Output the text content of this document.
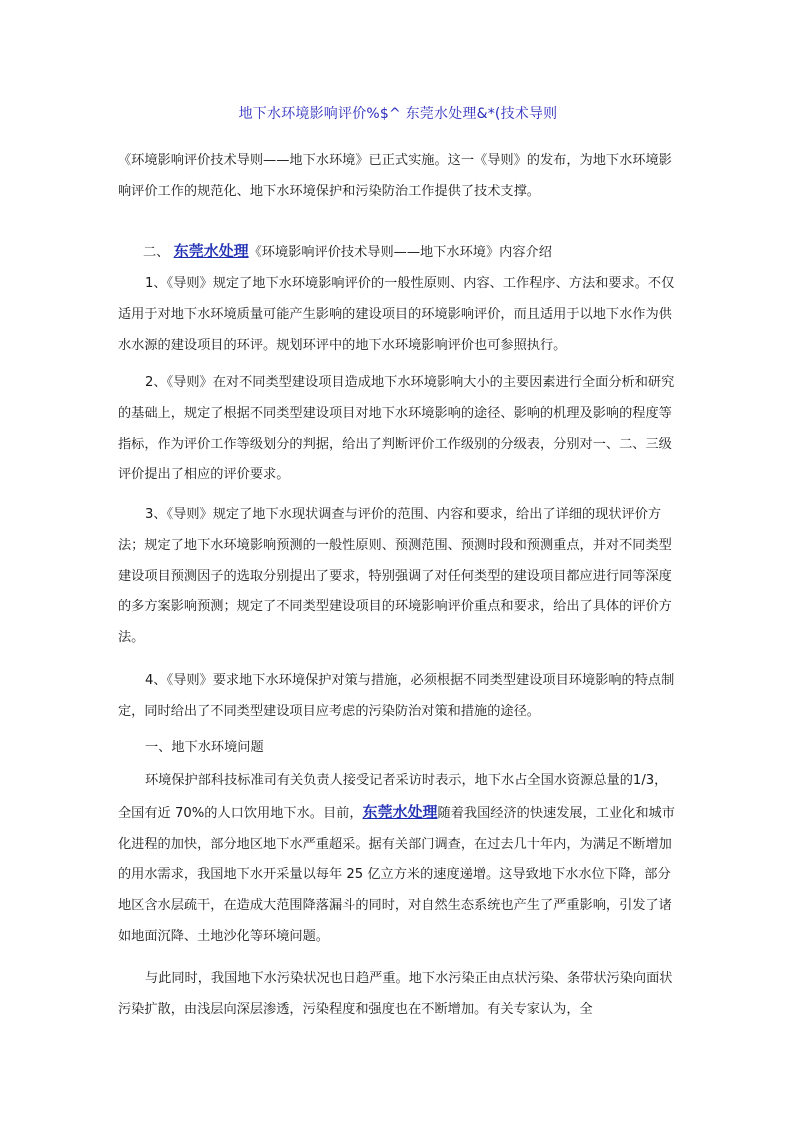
地下水环境影响评价%$^ 东莞水处理&*(技术导则
《环境影响评价技术导则——地下水环境》已正式实施。这一《导则》的发布，为地下水环境影响评价工作的规范化、地下水环境保护和污染防治工作提供了技术支撑。
二、 东莞水处理《环境影响评价技术导则——地下水环境》内容介绍
1、《导则》规定了地下水环境影响评价的一般性原则、内容、工作程序、方法和要求。不仅适用于对地下水环境质量可能产生影响的建设项目的环境影响评价，而且适用于以地下水作为供水水源的建设项目的环评。规划环评中的地下水环境影响评价也可参照执行。
2、《导则》在对不同类型建设项目造成地下水环境影响大小的主要因素进行全面分析和研究的基础上，规定了根据不同类型建设项目对地下水环境影响的途径、影响的机理及影响的程度等指标，作为评价工作等级划分的判据，给出了判断评价工作级别的分级表，分别对一、二、三级评价提出了相应的评价要求。
3、《导则》规定了地下水现状调查与评价的范围、内容和要求，给出了详细的现状评价方法；规定了地下水环境影响预测的一般性原则、预测范围、预测时段和预测重点，并对不同类型建设项目预测因子的选取分别提出了要求，特别强调了对任何类型的建设项目都应进行同等深度的多方案影响预测；规定了不同类型建设项目的环境影响评价重点和要求，给出了具体的评价方法。
4、《导则》要求地下水环境保护对策与措施，必须根据不同类型建设项目环境影响的特点制定，同时给出了不同类型建设项目应考虑的污染防治对策和措施的途径。
一、地下水环境问题
环境保护部科技标准司有关负责人接受记者采访时表示，地下水占全国水资源总量的1/3，全国有近 70%的人口饮用地下水。目前，东莞水处理随着我国经济的快速发展，工业化和城市化进程的加快，部分地区地下水严重超采。据有关部门调查，在过去几十年内，为满足不断增加的用水需求，我国地下水开采量以每年 25 亿立方米的速度递增。这导致地下水水位下降，部分地区含水层疏干，在造成大范围降落漏斗的同时，对自然生态系统也产生了严重影响，引发了诸如地面沉降、土地沙化等环境问题。
与此同时，我国地下水污染状况也日趋严重。地下水污染正由点状污染、条带状污染向面状污染扩散，由浅层向深层渗透，污染程度和强度也在不断增加。有关专家认为，全
